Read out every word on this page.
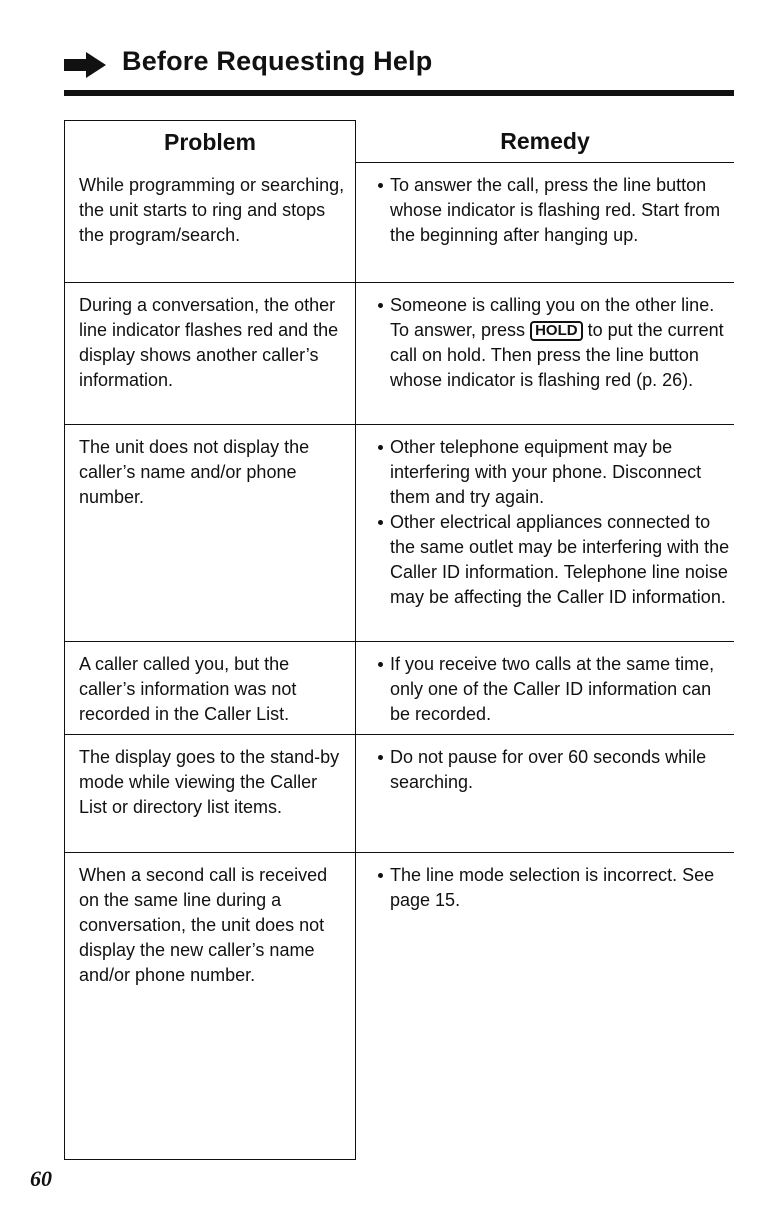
Before Requesting Help
Problem	Remedy
While programming or searching, the unit starts to ring and stops the program/search.
To answer the call, press the line button whose indicator is flashing red. Start from the beginning after hanging up.
During a conversation, the other line indicator flashes red and the display shows another caller’s information.
Someone is calling you on the other line. To answer, press HOLD to put the current call on hold. Then press the line button whose indicator is flashing red (p. 26).
The unit does not display the caller’s name and/or phone number.
Other telephone equipment may be interfering with your phone. Disconnect them and try again.
Other electrical appliances connected to the same outlet may be interfering with the Caller ID information. Telephone line noise may be affecting the Caller ID information.
A caller called you, but the caller’s information was not recorded in the Caller List.
If you receive two calls at the same time, only one of the Caller ID information can be recorded.
The display goes to the stand-by mode while viewing the Caller List or directory list items.
Do not pause for over 60 seconds while searching.
When a second call is received on the same line during a conversation, the unit does not display the new caller’s name and/or phone number.
The line mode selection is incorrect. See page 15.
60
